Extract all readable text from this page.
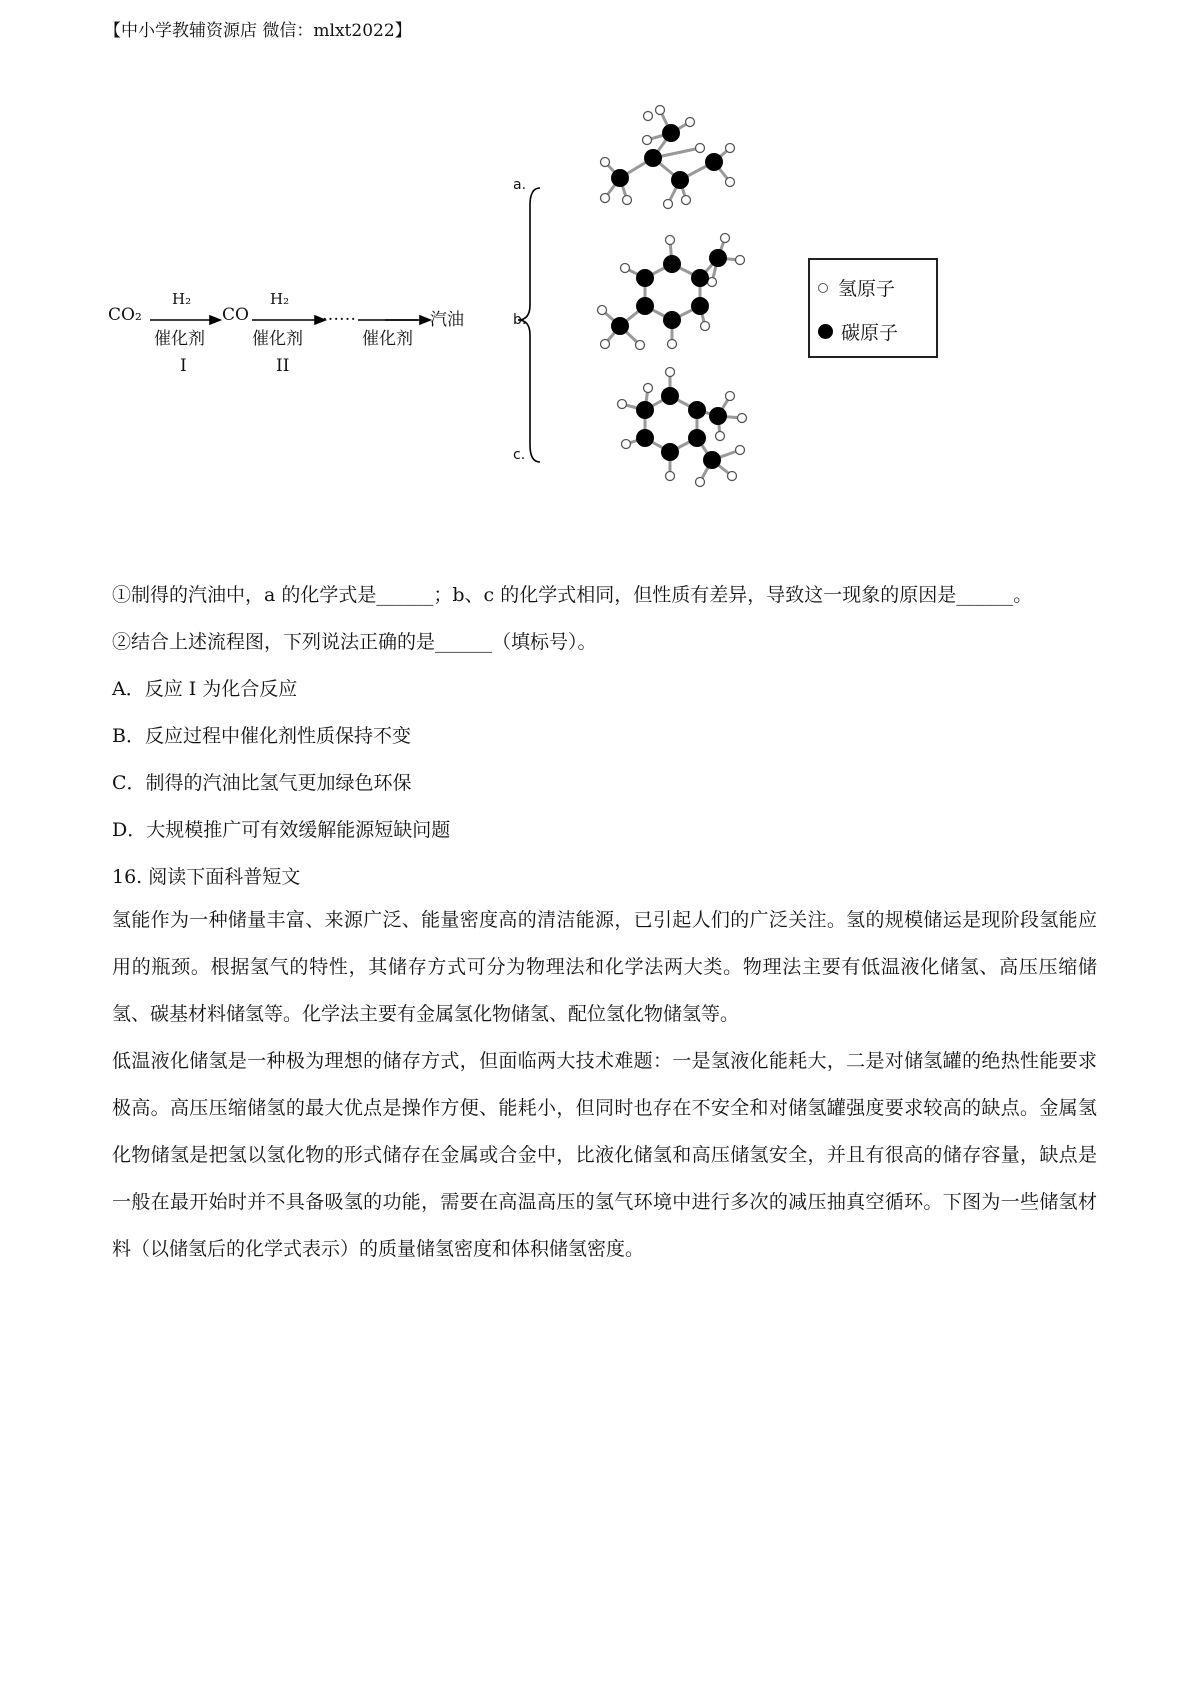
【中小学教辅资源店 微信：mlxt2022】
CO₂
H₂
催化剂
I
CO
H₂
催化剂
II
……
催化剂
汽油
a.
b.
c.
氢原子
碳原子
①制得的汽油中，a 的化学式是______；b、c 的化学式相同，但性质有差异，导致这一现象的原因是______。
②结合上述流程图，下列说法正确的是______（填标号）。
A．反应 I 为化合反应
B．反应过程中催化剂性质保持不变
C．制得的汽油比氢气更加绿色环保
D．大规模推广可有效缓解能源短缺问题
16. 阅读下面科普短文
氢能作为一种储量丰富、来源广泛、能量密度高的清洁能源，已引起人们的广泛关注。氢的规模储运是现阶段氢能应用的瓶颈。根据氢气的特性，其储存方式可分为物理法和化学法两大类。物理法主要有低温液化储氢、高压压缩储氢、碳基材料储氢等。化学法主要有金属氢化物储氢、配位氢化物储氢等。
低温液化储氢是一种极为理想的储存方式，但面临两大技术难题：一是氢液化能耗大，二是对储氢罐的绝热性能要求极高。高压压缩储氢的最大优点是操作方便、能耗小，但同时也存在不安全和对储氢罐强度要求较高的缺点。金属氢化物储氢是把氢以氢化物的形式储存在金属或合金中，比液化储氢和高压储氢安全，并且有很高的储存容量，缺点是一般在最开始时并不具备吸氢的功能，需要在高温高压的氢气环境中进行多次的减压抽真空循环。下图为一些储氢材料（以储氢后的化学式表示）的质量储氢密度和体积储氢密度。
